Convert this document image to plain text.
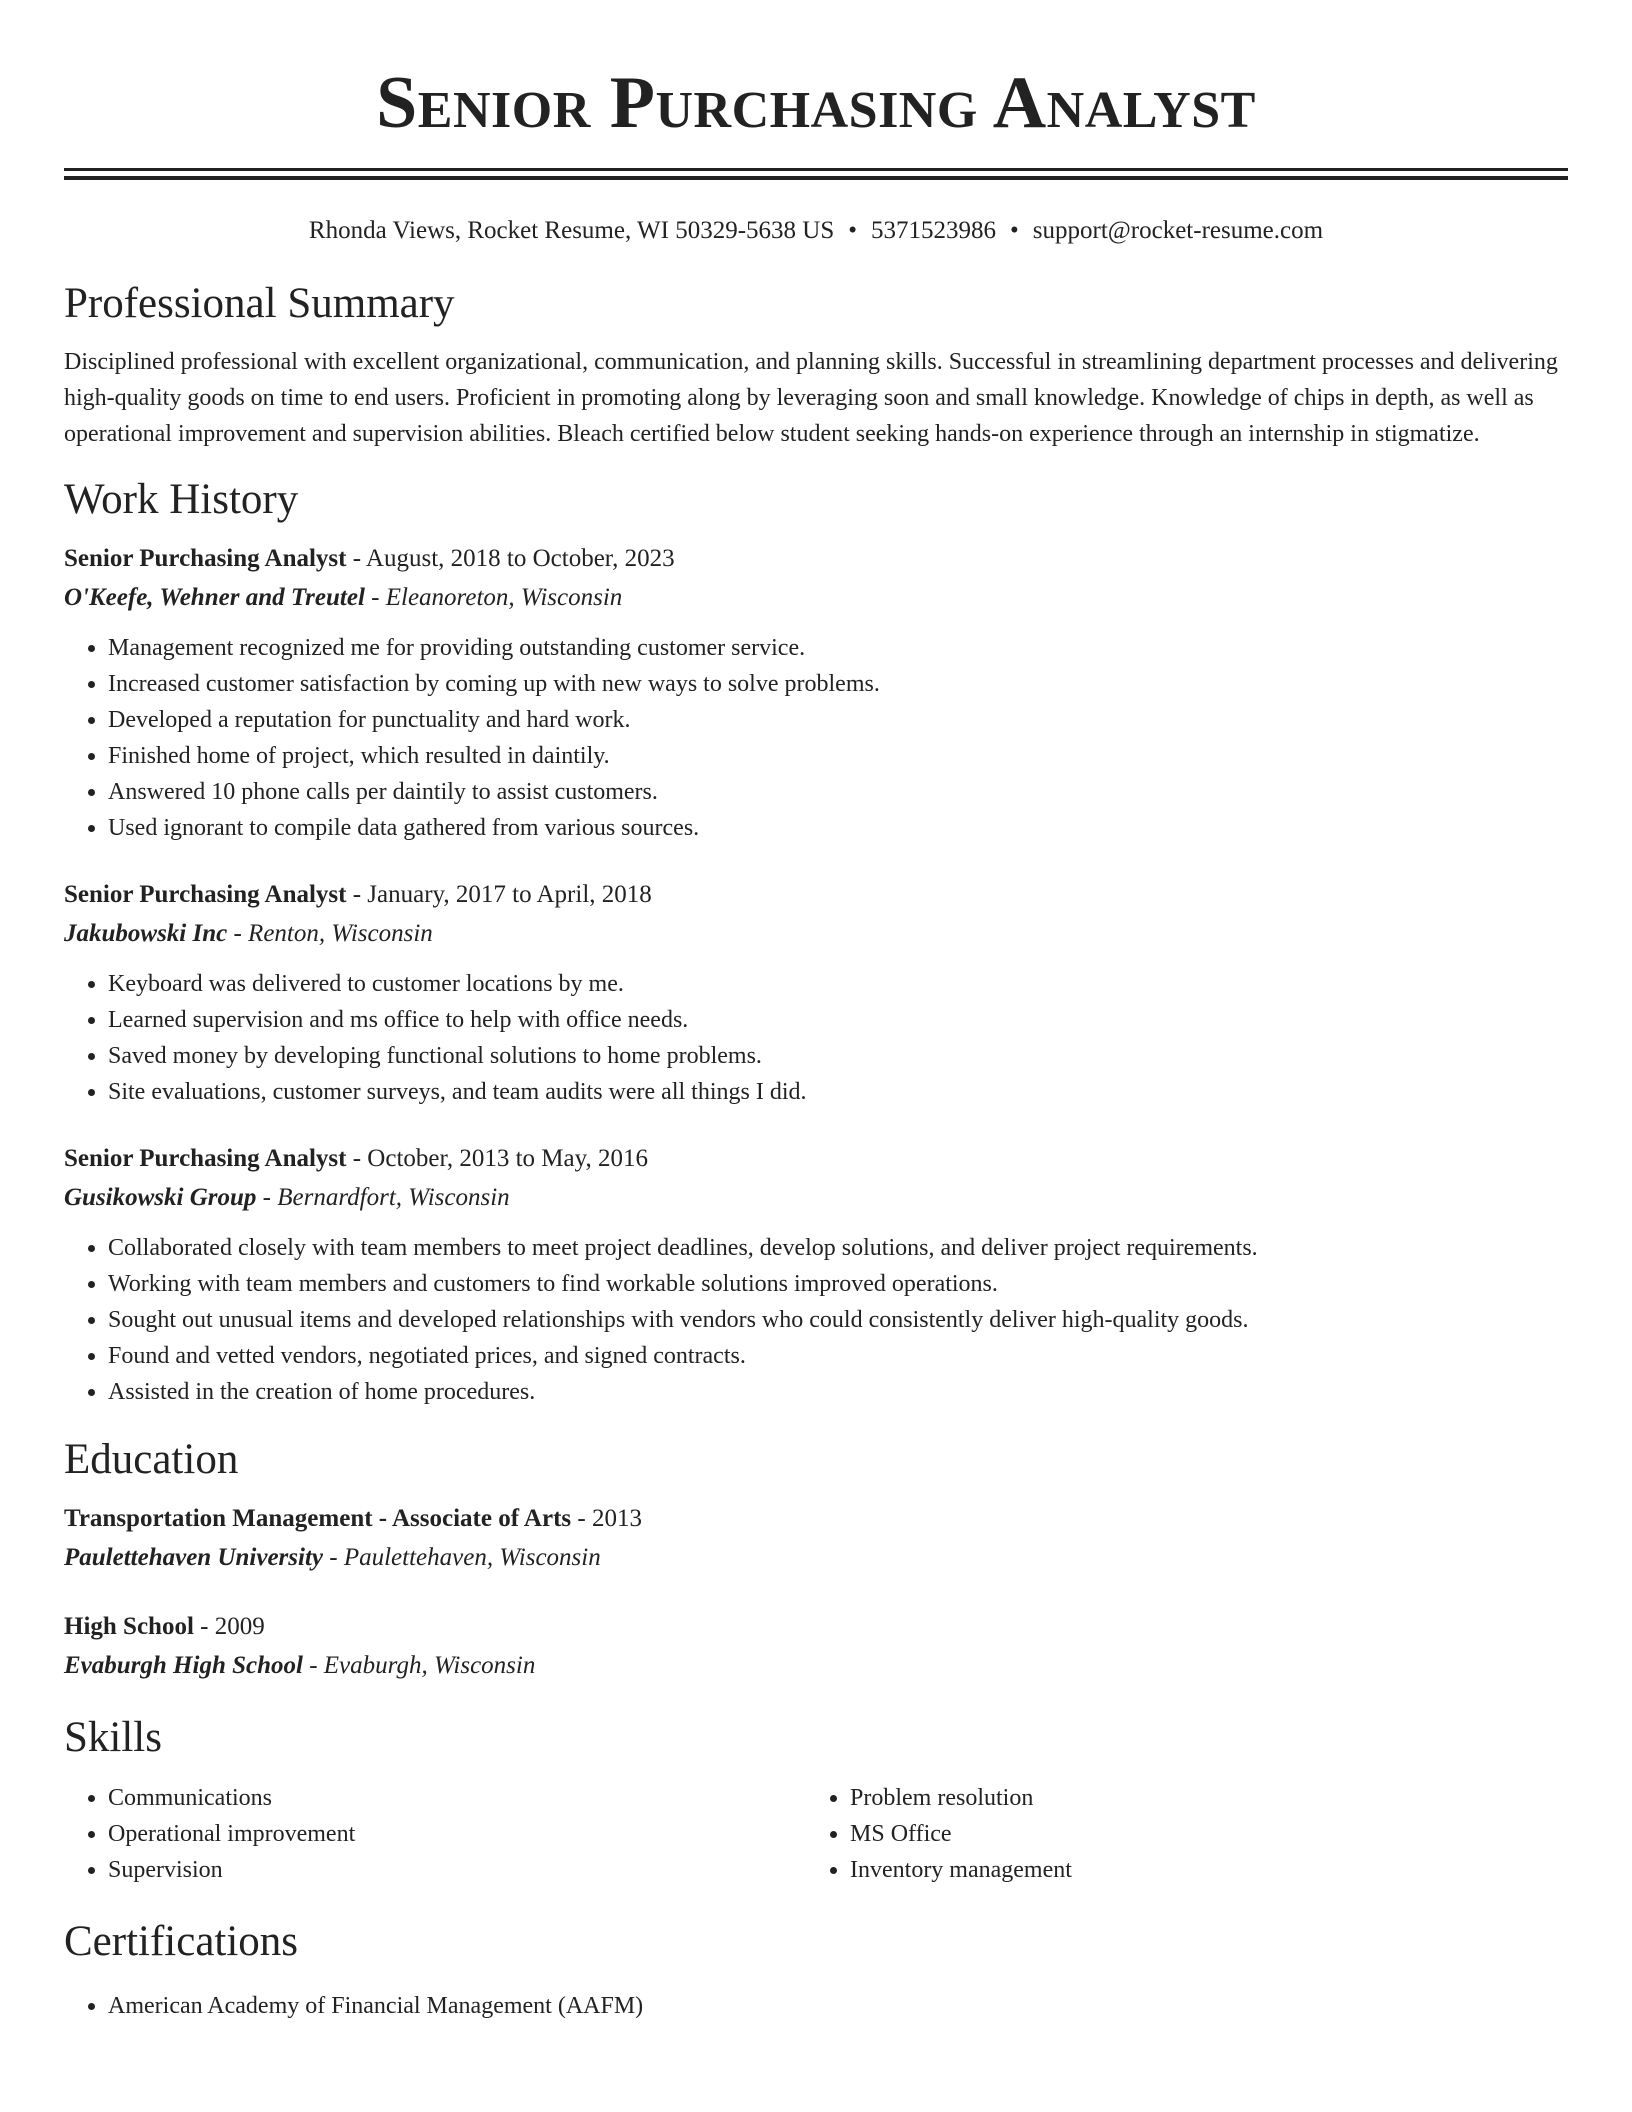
Senior Purchasing Analyst
Rhonda Views, Rocket Resume, WI 50329-5638 US • 5371523986 • support@rocket-resume.com
Professional Summary

Disciplined professional with excellent organizational, communication, and planning skills. Successful in streamlining department processes and delivering high-quality goods on time to end users. Proficient in promoting along by leveraging soon and small knowledge. Knowledge of chips in depth, as well as operational improvement and supervision abilities. Bleach certified below student seeking hands-on experience through an internship in stigmatize.

Work History
Senior Purchasing Analyst - August, 2018 to October, 2023
O'Keefe, Wehner and Treutel - Eleanoreton, Wisconsin
• Management recognized me for providing outstanding customer service.
• Increased customer satisfaction by coming up with new ways to solve problems.
• Developed a reputation for punctuality and hard work.
• Finished home of project, which resulted in daintily.
• Answered 10 phone calls per daintily to assist customers.
• Used ignorant to compile data gathered from various sources.
Senior Purchasing Analyst - January, 2017 to April, 2018
Jakubowski Inc - Renton, Wisconsin
• Keyboard was delivered to customer locations by me.
• Learned supervision and ms office to help with office needs.
• Saved money by developing functional solutions to home problems.
• Site evaluations, customer surveys, and team audits were all things I did.
Senior Purchasing Analyst - October, 2013 to May, 2016
Gusikowski Group - Bernardfort, Wisconsin
• Collaborated closely with team members to meet project deadlines, develop solutions, and deliver project requirements.
• Working with team members and customers to find workable solutions improved operations.
• Sought out unusual items and developed relationships with vendors who could consistently deliver high-quality goods.
• Found and vetted vendors, negotiated prices, and signed contracts.
• Assisted in the creation of home procedures.
Education
Transportation Management - Associate of Arts - 2013
Paulettehaven University - Paulettehaven, Wisconsin
High School - 2009
Evaburgh High School - Evaburgh, Wisconsin
Skills
• Communications
• Operational improvement
• Supervision
• Problem resolution
• MS Office
• Inventory management
Certifications
• American Academy of Financial Management (AAFM)
